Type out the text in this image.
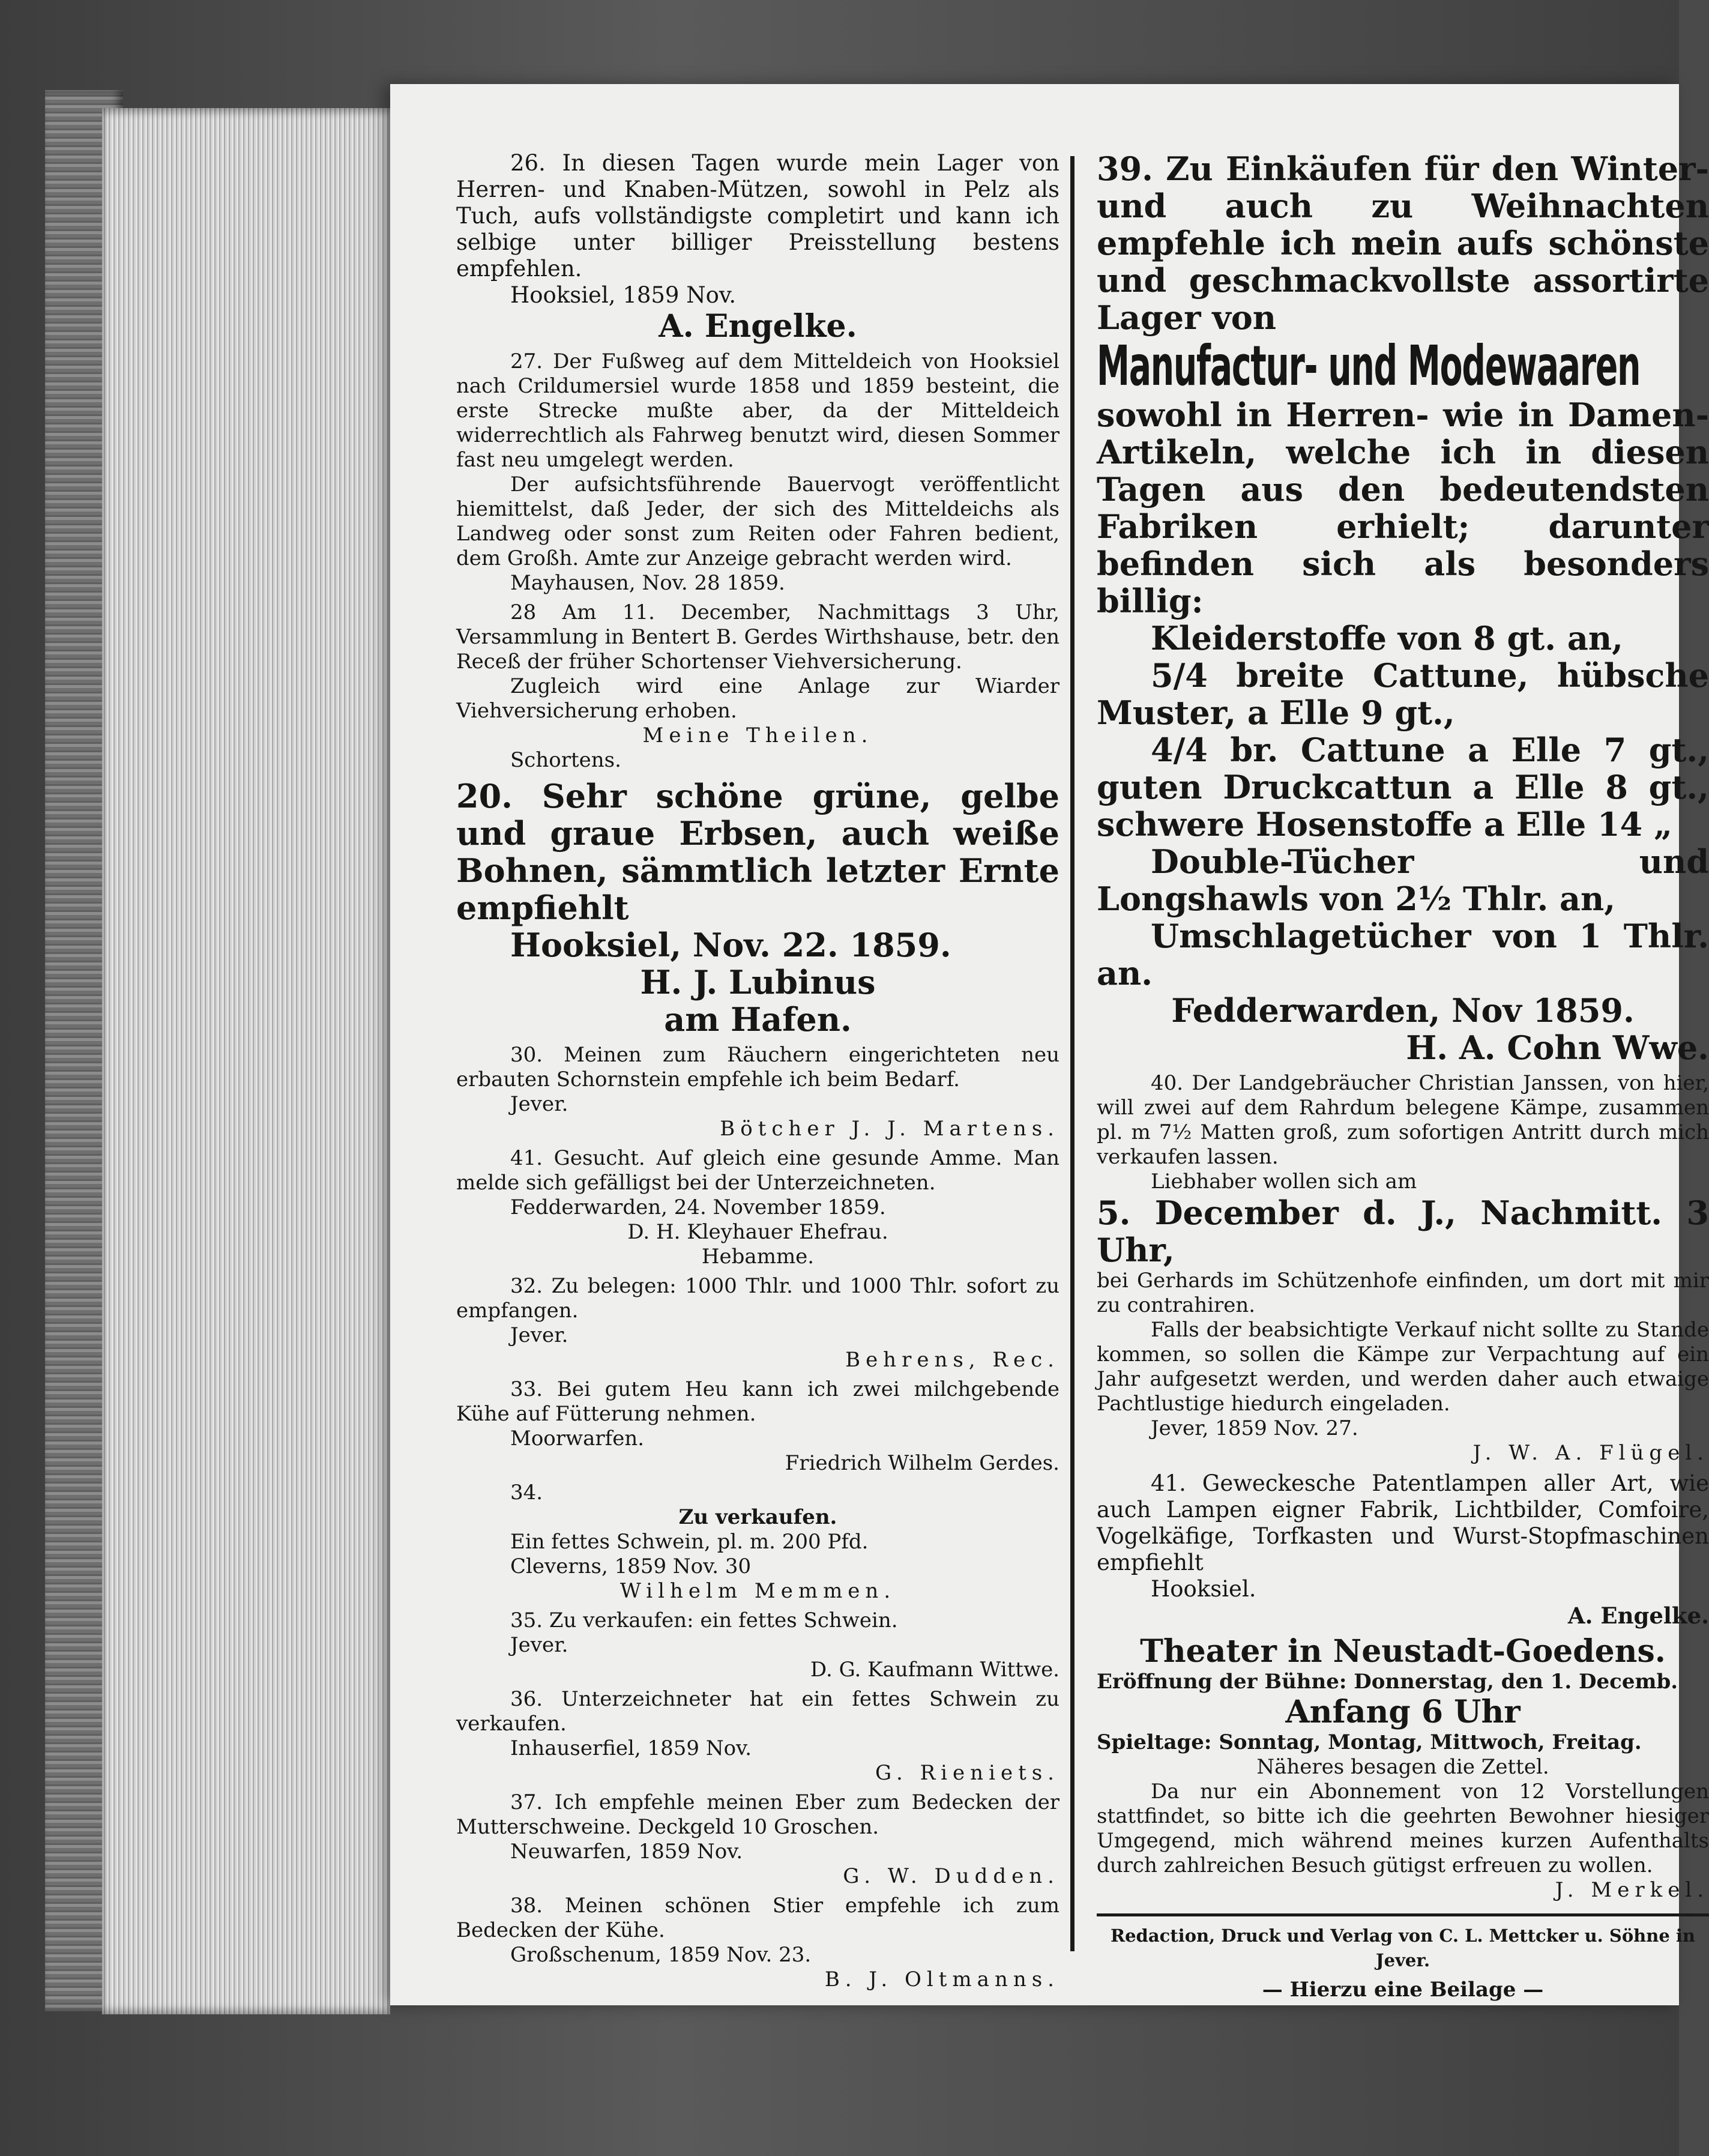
26. In diesen Tagen wurde mein Lager von Herren- und Knaben-Mützen, sowohl in Pelz als Tuch, aufs vollständigste completirt und kann ich selbige unter billiger Preisstellung bestens empfehlen.

Hooksiel, 1859 Nov.

A. Engelke.

27. Der Fußweg auf dem Mitteldeich von Hooksiel nach Crildumersiel wurde 1858 und 1859 besteint, die erste Strecke mußte aber, da der Mitteldeich widerrechtlich als Fahrweg benutzt wird, diesen Sommer fast neu umgelegt werden.

Der aufsichtsführende Bauervogt veröffentlicht hiemittelst, daß Jeder, der sich des Mitteldeichs als Landweg oder sonst zum Reiten oder Fahren bedient, dem Großh. Amte zur Anzeige gebracht werden wird.

Mayhausen, Nov. 28 1859.

28 Am 11. December, Nachmittags 3 Uhr, Versammlung in Bentert B. Gerdes Wirthshause, betr. den Receß der früher Schortenser Viehversicherung.

Zugleich wird eine Anlage zur Wiarder Viehversicherung erhoben.

Meine Theilen.

Schortens.

20. Sehr schöne grüne, gelbe und graue Erbsen, auch weiße Bohnen, sämmtlich letzter Ernte empfiehlt

Hooksiel, Nov. 22. 1859.

H. J. Lubinus

am Hafen.

30. Meinen zum Räuchern eingerichteten neu erbauten Schornstein empfehle ich beim Bedarf.

Jever.

Bötcher J. J. Martens.

41. Gesucht. Auf gleich eine gesunde Amme. Man melde sich gefälligst bei der Unterzeichneten.

Fedderwarden, 24. November 1859.

D. H. Kleyhauer Ehefrau.

Hebamme.

32. Zu belegen: 1000 Thlr. und 1000 Thlr. sofort zu empfangen.

Jever.

Behrens, Rec.

33. Bei gutem Heu kann ich zwei milchgebende Kühe auf Fütterung nehmen.

Moorwarfen.

Friedrich Wilhelm Gerdes.

34.

Zu verkaufen.

Ein fettes Schwein, pl. m. 200 Pfd.

Cleverns, 1859 Nov. 30

Wilhelm Memmen.

35. Zu verkaufen: ein fettes Schwein.

Jever.

D. G. Kaufmann Wittwe.

36. Unterzeichneter hat ein fettes Schwein zu verkaufen.

Inhauserfiel, 1859 Nov.

G. Rieniets.

37. Ich empfehle meinen Eber zum Bedecken der Mutterschweine. Deckgeld 10 Groschen.

Neuwarfen, 1859 Nov.

G. W. Dudden.

38. Meinen schönen Stier empfehle ich zum Bedecken der Kühe.

Großschenum, 1859 Nov. 23.

B. J. Oltmanns.

39. Zu Einkäufen für den Winter- und auch zu Weihnachten empfehle ich mein aufs schönste und geschmackvollste assortirte Lager von

Manufactur- und Modewaaren

sowohl in Herren- wie in Damen-Artikeln, welche ich in diesen Tagen aus den bedeutendsten Fabriken erhielt; darunter befinden sich als besonders billig:

Kleiderstoffe von 8 gt. an,

5/4 breite Cattune, hübsche Muster, a Elle 9 gt.,

4/4 br. Cattune a Elle 7 gt., guten Druckcattun a Elle 8 gt., schwere Hosenstoffe a Elle 14 „

Double-Tücher und Longshawls von 2½ Thlr. an,

Umschlagetücher von 1 Thlr. an.

Fedderwarden, Nov 1859.

H. A. Cohn Wwe.

40. Der Landgebräucher Christian Janssen, von hier, will zwei auf dem Rahrdum belegene Kämpe, zusammen pl. m 7½ Matten groß, zum sofortigen Antritt durch mich verkaufen lassen.

Liebhaber wollen sich am

5. December d. J., Nachmitt. 3 Uhr,

bei Gerhards im Schützenhofe einfinden, um dort mit mir zu contrahiren.

Falls der beabsichtigte Verkauf nicht sollte zu Stande kommen, so sollen die Kämpe zur Verpachtung auf ein Jahr aufgesetzt werden, und werden daher auch etwaige Pachtlustige hiedurch eingeladen.

Jever, 1859 Nov. 27.

J. W. A. Flügel.

41. Geweckesche Patentlampen aller Art, wie auch Lampen eigner Fabrik, Lichtbilder, Comfoire, Vogelkäfige, Torfkasten und Wurst-Stopfmaschinen empfiehlt

Hooksiel.

A. Engelke.

Theater in Neustadt-Goedens.

Eröffnung der Bühne: Donnerstag, den 1. Decemb.

Anfang 6 Uhr

Spieltage: Sonntag, Montag, Mittwoch, Freitag.

Näheres besagen die Zettel.

Da nur ein Abonnement von 12 Vorstellungen stattfindet, so bitte ich die geehrten Bewohner hiesiger Umgegend, mich während meines kurzen Aufenthalts durch zahlreichen Besuch gütigst erfreuen zu wollen.

J. Merkel.

Redaction, Druck und Verlag von C. L. Mettcker u. Söhne in Jever.

— Hierzu eine Beilage —
